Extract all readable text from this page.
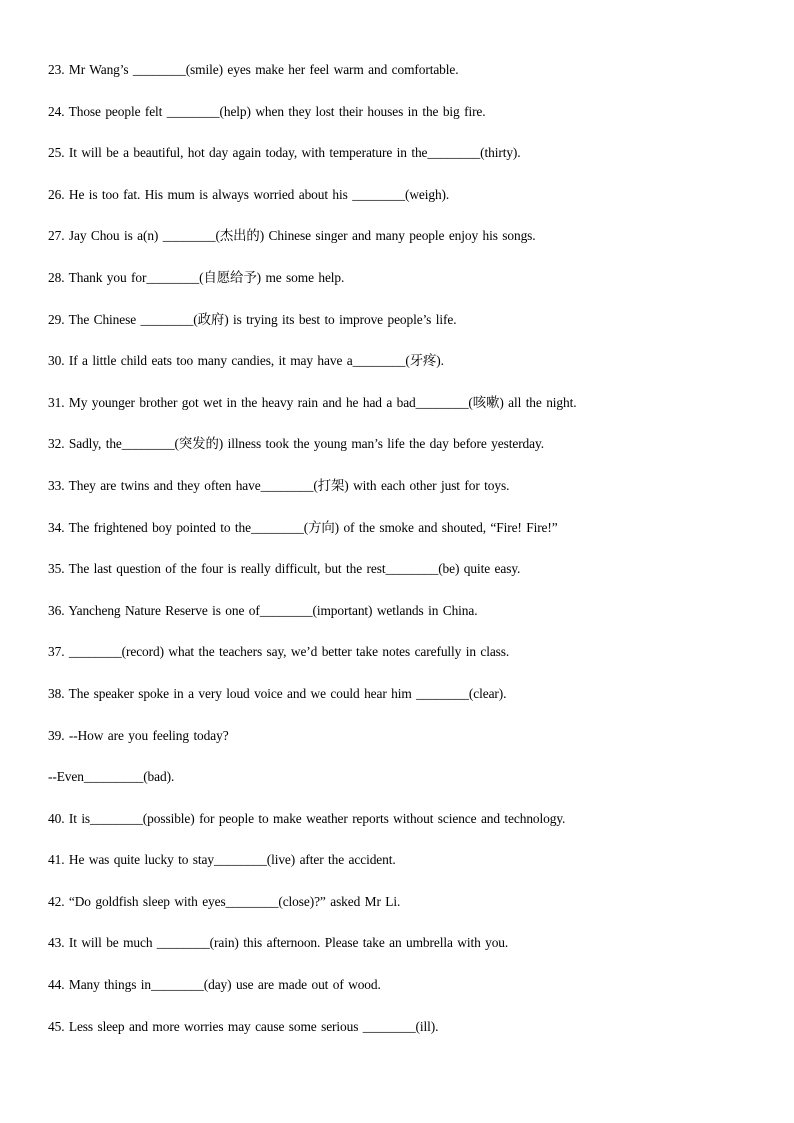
23. Mr Wang’s ________(smile) eyes make her feel warm and comfortable.
24. Those people felt ________(help) when they lost their houses in the big fire.
25. It will be a beautiful, hot day again today, with temperature in the________(thirty).
26. He is too fat. His mum is always worried about his ________(weigh).
27. Jay Chou is a(n) ________(杰出的) Chinese singer and many people enjoy his songs.
28. Thank you for________(自愿给予) me some help.
29. The Chinese ________(政府) is trying its best to improve people’s life.
30. If a little child eats too many candies, it may have a________(牙疼).
31. My younger brother got wet in the heavy rain and he had a bad________(咳嗽) all the night.
32. Sadly, the________(突发的) illness took the young man’s life the day before yesterday.
33. They are twins and they often have________(打架) with each other just for toys.
34. The frightened boy pointed to the________(方向) of the smoke and shouted, “Fire! Fire!”
35. The last question of the four is really difficult, but the rest________(be) quite easy.
36. Yancheng Nature Reserve is one of________(important) wetlands in China.
37. ________(record) what the teachers say, we’d better take notes carefully in class.
38. The speaker spoke in a very loud voice and we could hear him ________(clear).
39. --How are you feeling today?
--Even_________(bad).
40. It is________(possible) for people to make weather reports without science and technology.
41. He was quite lucky to stay________(live) after the accident.
42. “Do goldfish sleep with eyes________(close)?” asked Mr Li.
43. It will be much ________(rain) this afternoon. Please take an umbrella with you.
44. Many things in________(day) use are made out of wood.
45. Less sleep and more worries may cause some serious ________(ill).
